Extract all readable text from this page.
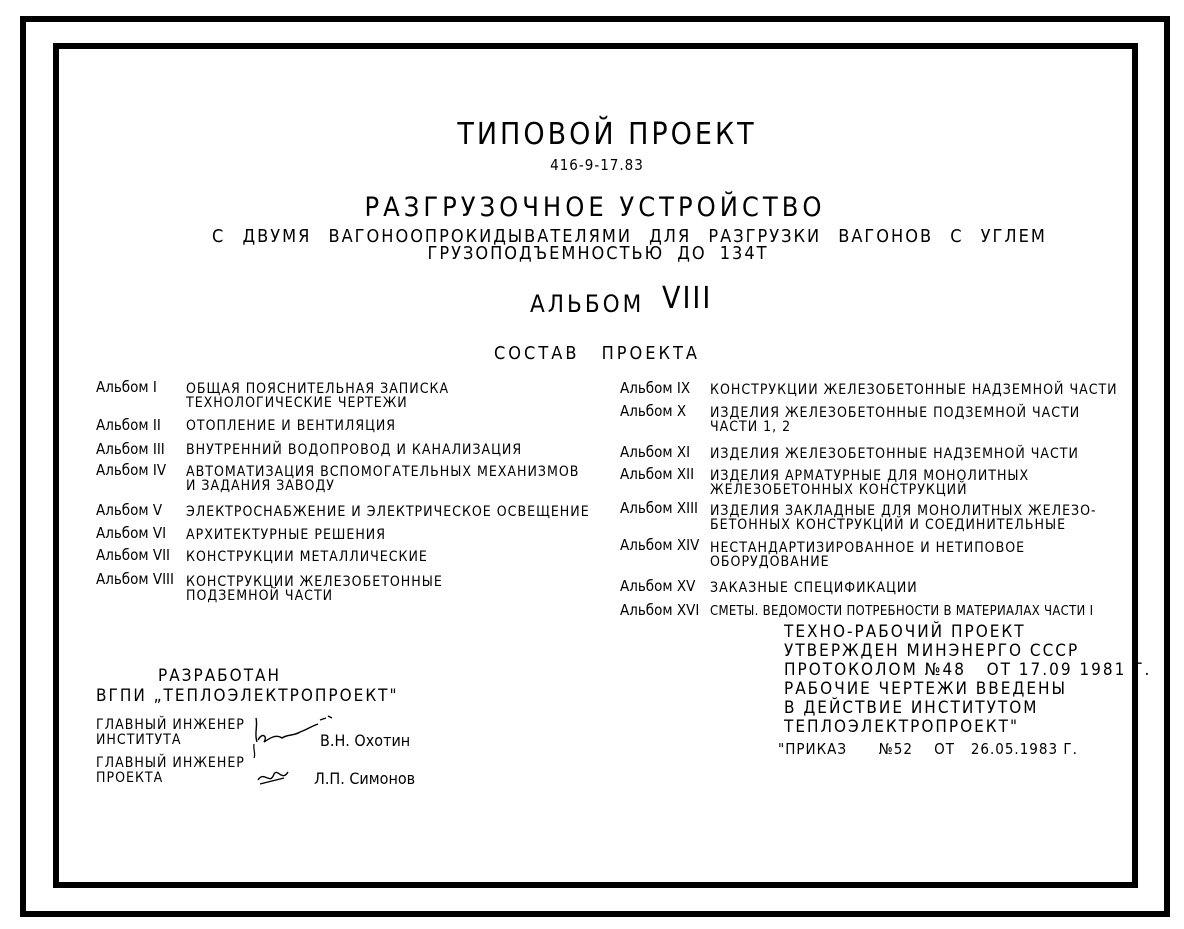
ТИПОВОЙ ПРОЕКТ
416-9-17.83
РАЗГРУЗОЧНОЕ УСТРОЙСТВО
С ДВУМЯ ВАГОНООПРОКИДЫВАТЕЛЯМИ ДЛЯ РАЗГРУЗКИ ВАГОНОВ С УГЛЕМ
ГРУЗОПОДЪЕМНОСТЬЮ ДО 134Т
АЛЬБОМ VIII
СОСТАВ ПРОЕКТА
Альбом I ОБЩАЯ ПОЯСНИТЕЛЬНАЯ ЗАПИСКА
ТЕХНОЛОГИЧЕСКИЕ ЧЕРТЕЖИ
Альбом II ОТОПЛЕНИЕ И ВЕНТИЛЯЦИЯ
Альбом III ВНУТРЕННИЙ ВОДОПРОВОД И КАНАЛИЗАЦИЯ
Альбом IV АВТОМАТИЗАЦИЯ ВСПОМОГАТЕЛЬНЫХ МЕХАНИЗМОВ
И ЗАДАНИЯ ЗАВОДУ
Альбом V ЭЛЕКТРОСНАБЖЕНИЕ И ЭЛЕКТРИЧЕСКОЕ ОСВЕЩЕНИЕ
Альбом VI АРХИТЕКТУРНЫЕ РЕШЕНИЯ
Альбом VII КОНСТРУКЦИИ МЕТАЛЛИЧЕСКИЕ
Альбом VIII КОНСТРУКЦИИ ЖЕЛЕЗОБЕТОННЫЕ
ПОДЗЕМНОЙ ЧАСТИ
Альбом IX КОНСТРУКЦИИ ЖЕЛЕЗОБЕТОННЫЕ НАДЗЕМНОЙ ЧАСТИ
Альбом X ИЗДЕЛИЯ ЖЕЛЕЗОБЕТОННЫЕ ПОДЗЕМНОЙ ЧАСТИ
ЧАСТИ 1, 2
Альбом XI ИЗДЕЛИЯ ЖЕЛЕЗОБЕТОННЫЕ НАДЗЕМНОЙ ЧАСТИ
Альбом XII ИЗДЕЛИЯ АРМАТУРНЫЕ ДЛЯ МОНОЛИТНЫХ
ЖЕЛЕЗОБЕТОННЫХ КОНСТРУКЦИЙ
Альбом XIII ИЗДЕЛИЯ ЗАКЛАДНЫЕ ДЛЯ МОНОЛИТНЫХ ЖЕЛЕЗО-
БЕТОННЫХ КОНСТРУКЦИЙ И СОЕДИНИТЕЛЬНЫЕ
Альбом XIV НЕСТАНДАРТИЗИРОВАННОЕ И НЕТИПОВОЕ
ОБОРУДОВАНИЕ
Альбом XV ЗАКАЗНЫЕ СПЕЦИФИКАЦИИ
Альбом XVI СМЕТЫ. ВЕДОМОСТИ ПОТРЕБНОСТИ В МАТЕРИАЛАХ ЧАСТИ I
РАЗРАБОТАН
ВГПИ „ТЕПЛОЭЛЕКТРОПРОЕКТ"
ГЛАВНЫЙ ИНЖЕНЕР
ИНСТИТУТА	В.Н. Охотин
ГЛАВНЫЙ ИНЖЕНЕР
ПРОЕКТА	Л.П. Симонов
ТЕХНО-РАБОЧИЙ ПРОЕКТ
УТВЕРЖДЕН МИНЭНЕРГО СССР
ПРОТОКОЛОМ №48   ОТ 17.09 1981 Г.
РАБОЧИЕ ЧЕРТЕЖИ ВВЕДЕНЫ
В ДЕЙСТВИЕ ИНСТИТУТОМ
ТЕПЛОЭЛЕКТРОПРОЕКТ"
"ПРИКАЗ      №52    ОТ   26.05.1983 Г.
